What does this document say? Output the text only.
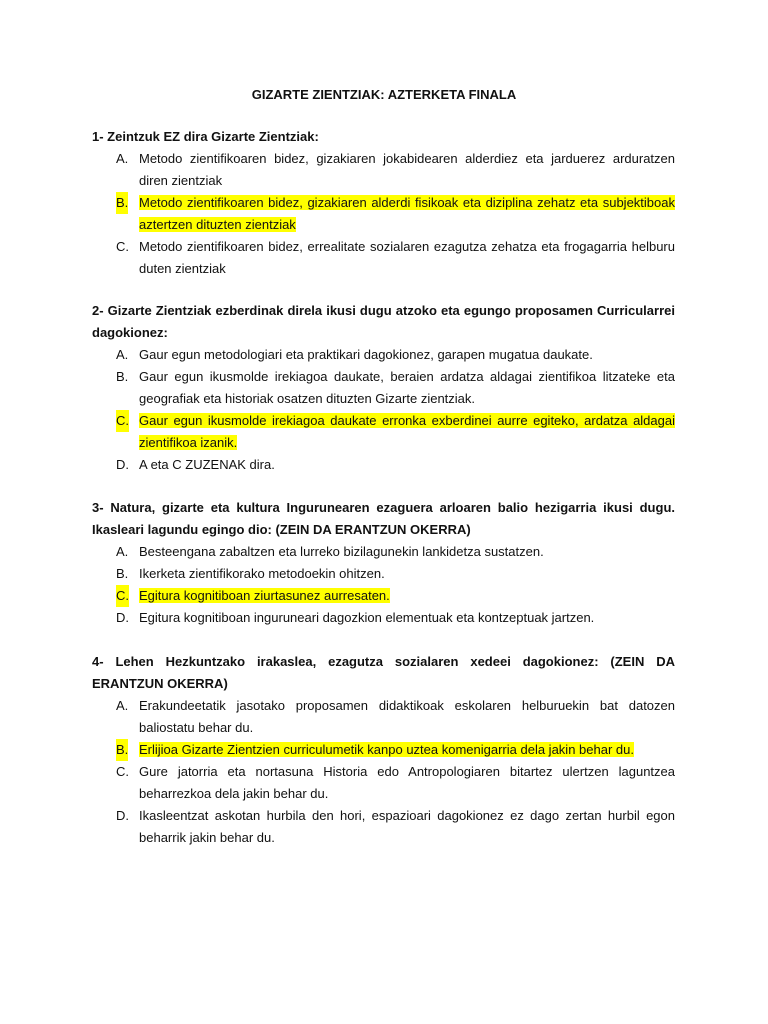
GIZARTE ZIENTZIAK: AZTERKETA FINALA

1- Zeintzuk EZ dira Gizarte Zientziak:

A. Metodo zientifikoaren bidez, gizakiaren jokabidearen alderdiez eta jarduerez arduratzen diren zientziak
B. Metodo zientifikoaren bidez, gizakiaren alderdi fisikoak eta diziplina zehatz eta subjektiboak aztertzen dituzten zientziak
C. Metodo zientifikoaren bidez, errealitate sozialaren ezagutza zehatza eta frogagarria helburu duten zientziak

2- Gizarte Zientziak ezberdinak direla ikusi dugu atzoko eta egungo proposamen Curricularrei dagokionez:

A. Gaur egun metodologiari eta praktikari dagokionez, garapen mugatua daukate.
B. Gaur egun ikusmolde irekiagoa daukate, beraien ardatza aldagai zientifikoa litzateke eta geografiak eta historiak osatzen dituzten Gizarte zientziak.
C. Gaur egun ikusmolde irekiagoa daukate erronka exberdinei aurre egiteko, ardatza aldagai zientifikoa izanik.
D. A eta C ZUZENAK dira.

3- Natura, gizarte eta kultura Ingurunearen ezaguera arloaren balio hezigarria ikusi dugu. Ikasleari lagundu egingo dio: (ZEIN DA ERANTZUN OKERRA)

A. Besteengana zabaltzen eta lurreko bizilagunekin lankidetza sustatzen.
B. Ikerketa zientifikorako metodoekin ohitzen.
C. Egitura kognitiboan ziurtasunez aurresaten.
D. Egitura kognitiboan inguruneari dagozkion elementuak eta kontzeptuak jartzen.

4- Lehen Hezkuntzako irakaslea, ezagutza sozialaren xedeei dagokionez: (ZEIN DA ERANTZUN OKERRA)

A. Erakundeetatik jasotako proposamen didaktikoak eskolaren helburuekin bat datozen baliostatu behar du.
B. Erlijioa Gizarte Zientzien curriculumetik kanpo uztea komenigarria dela jakin behar du.
C. Gure jatorria eta nortasuna Historia edo Antropologiaren bitartez ulertzen laguntzea beharrezkoa dela jakin behar du.
D. Ikasleentzat askotan hurbila den hori, espazioari dagokionez ez dago zertan hurbil egon beharrik jakin behar du.
